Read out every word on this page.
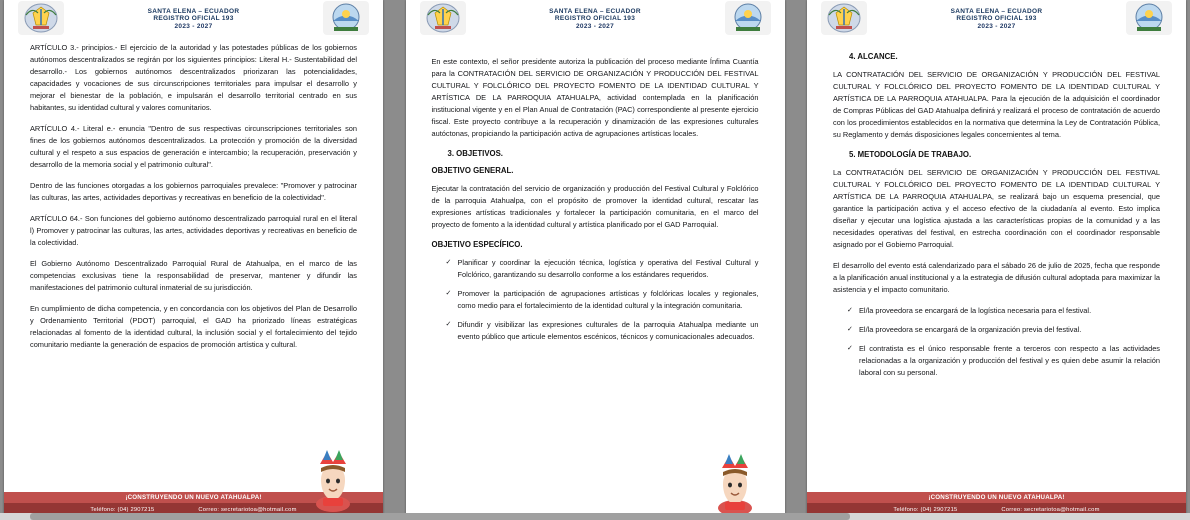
SANTA ELENA – ECUADOR
REGISTRO OFICIAL 193
2023 - 2027

ARTÍCULO 3.- principios.- El ejercicio de la autoridad y las potestades públicas de los gobiernos autónomos descentralizados se regirán por los siguientes principios: Literal H.- Sustentabilidad del desarrollo.- Los gobiernos autónomos descentralizados priorizaran las potencialidades, capacidades y vocaciones de sus circunscripciones territoriales para impulsar el desarrollo y mejorar el bienestar de la población, e impulsarán el desarrollo territorial centrado en sus habitantes, su identidad cultural y valores comunitarios.

ARTÍCULO 4.- Literal e.- enuncia "Dentro de sus respectivas circunscripciones territoriales son fines de los gobiernos autónomos descentralizados. La protección y promoción de la diversidad cultural y el respeto a sus espacios de generación e intercambio; la recuperación, preservación y desarrollo de la memoria social y el patrimonio cultural".

Dentro de las funciones otorgadas a los gobiernos parroquiales prevalece: "Promover y patrocinar las culturas, las artes, actividades deportivas y recreativas en beneficio de la colectividad".

ARTÍCULO 64.- Son funciones del gobierno autónomo descentralizado parroquial rural en el literal l) Promover y patrocinar las culturas, las artes, actividades deportivas y recreativas en beneficio de la colectividad.

El Gobierno Autónomo Descentralizado Parroquial Rural de Atahualpa, en el marco de las competencias exclusivas tiene la responsabilidad de preservar, mantener y difundir las manifestaciones del patrimonio cultural inmaterial de su jurisdicción.

En cumplimiento de dicha competencia, y en concordancia con los objetivos del Plan de Desarrollo y Ordenamiento Territorial (PDOT) parroquial, el GAD ha priorizado líneas estratégicas relacionadas al fomento de la identidad cultural, la inclusión social y el fortalecimiento del tejido comunitario mediante la generación de espacios de promoción artística y cultural.

¡CONSTRUYENDO UN NUEVO ATAHUALPA!
Teléfono: (04) 2907215	Correo: secretariotoa@hotmail.com
SANTA ELENA – ECUADOR
REGISTRO OFICIAL 193
2023 - 2027

En este contexto, el señor presidente autoriza la publicación del proceso mediante Ínfima Cuantía para la CONTRATACIÓN DEL SERVICIO DE ORGANIZACIÓN Y PRODUCCIÓN DEL FESTIVAL CULTURAL Y FOLCLÓRICO DEL PROYECTO FOMENTO DE LA IDENTIDAD CULTURAL Y ARTÍSTICA DE LA PARROQUIA ATAHUALPA, actividad contemplada en la planificación institucional vigente y en el Plan Anual de Contratación (PAC) correspondiente al presente ejercicio fiscal. Este proyecto contribuye a la recuperación y dinamización de las expresiones culturales autóctonas, propiciando la participación activa de agrupaciones artísticas locales.

3. OBJETIVOS.
OBJETIVO GENERAL.

Ejecutar la contratación del servicio de organización y producción del Festival Cultural y Folclórico de la parroquia Atahualpa, con el propósito de promover la identidad cultural, rescatar las expresiones artísticas tradicionales y fortalecer la participación comunitaria, en el marco del proyecto de fomento a la identidad cultural y artística planificado por el GAD Parroquial.

OBJETIVO ESPECÍFICO.
✓ Planificar y coordinar la ejecución técnica, logística y operativa del Festival Cultural y Folclórico, garantizando su desarrollo conforme a los estándares requeridos.
✓ Promover la participación de agrupaciones artísticas y folclóricas locales y regionales, como medio para el fortalecimiento de la identidad cultural y la integración comunitaria.
✓ Difundir y visibilizar las expresiones culturales de la parroquia Atahualpa mediante un evento público que articule elementos escénicos, técnicos y comunicacionales adecuados.
SANTA ELENA – ECUADOR
REGISTRO OFICIAL 193
2023 - 2027
4. ALCANCE.

LA CONTRATACIÓN DEL SERVICIO DE ORGANIZACIÓN Y PRODUCCIÓN DEL FESTIVAL CULTURAL Y FOLCLÓRICO DEL PROYECTO FOMENTO DE LA IDENTIDAD CULTURAL Y ARTÍSTICA DE LA PARROQUIA ATAHUALPA. Para la ejecución de la adquisición el coordinador de Compras Públicas del GAD Atahualpa definirá y realizará el proceso de contratación de acuerdo con los procedimientos establecidos en la normativa que determina la Ley de Contratación Pública, su Reglamento y demás disposiciones legales concernientes al tema.

5. METODOLOGÍA DE TRABAJO.

La CONTRATACIÓN DEL SERVICIO DE ORGANIZACIÓN Y PRODUCCIÓN DEL FESTIVAL CULTURAL Y FOLCLÓRICO DEL PROYECTO FOMENTO DE LA IDENTIDAD CULTURAL Y ARTÍSTICA DE LA PARROQUIA ATAHUALPA, se realizará bajo un esquema presencial, que garantice la participación activa y el acceso efectivo de la ciudadanía al evento. Esto implica diseñar y ejecutar una logística ajustada a las características propias de la comunidad y a las necesidades operativas del festival, en estrecha coordinación con el coordinador responsable asignado por el Gobierno Parroquial.

El desarrollo del evento está calendarizado para el sábado 26 de julio de 2025, fecha que responde a la planificación anual institucional y a la estrategia de difusión cultural adoptada para maximizar la asistencia y el impacto comunitario.

✓ El/la proveedora se encargará de la logística necesaria para el festival.
✓ El/la proveedora se encargará de la organización previa del festival.
✓ El contratista es el único responsable frente a terceros con respecto a las actividades relacionadas a la organización y producción del festival y es quien debe asumir la relación laboral con su personal.
¡CONSTRUYENDO UN NUEVO ATAHUALPA!
Teléfono: (04) 2907215	Correo: secretariotoa@hotmail.com
